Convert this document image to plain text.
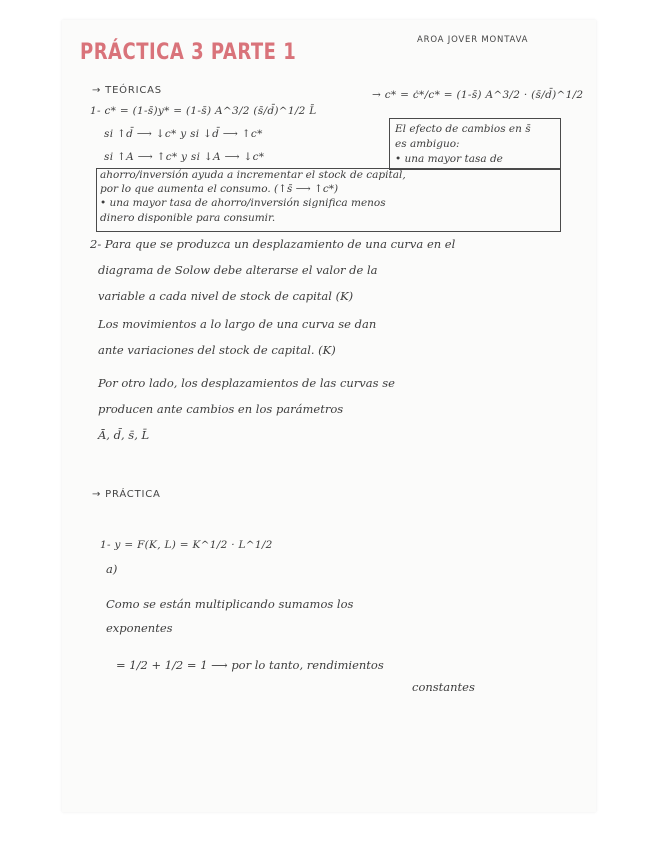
AROA JOVER MONTAVA
PRÁCTICA 3 PARTE 1
→ TEÓRICAS
1- c* = (1-s̄)y* = (1-s̄) A^3/2 (s̄/d̄)^1/2 L̄
→ c* = ċ*/c* = (1-s̄) A^3/2 · (s̄/d̄)^1/2
si ↑d̄ ⟶ ↓c* y si ↓d̄ ⟶ ↑c*
si ↑A ⟶ ↑c* y si ↓A ⟶ ↓c*
El efecto de cambios en s̄
es ambiguo:
• una mayor tasa de
ahorro/inversión ayuda a incrementar el stock de capital,
por lo que aumenta el consumo. (↑s̄ ⟶ ↑c*)
• una mayor tasa de ahorro/inversión significa menos
dinero disponible para consumir.
2- Para que se produzca un desplazamiento de una curva en el
diagrama de Solow debe alterarse el valor de la
variable a cada nivel de stock de capital (K)
Los movimientos a lo largo de una curva se dan
ante variaciones del stock de capital. (K)
Por otro lado, los desplazamientos de las curvas se
producen ante cambios en los parámetros
Ā, d̄, s̄, L̄
→ PRÁCTICA
1- y = F(K, L) = K^1/2 · L^1/2
a)
Como se están multiplicando sumamos los
exponentes
= 1/2 + 1/2 = 1 ⟶ por lo tanto, rendimientos
constantes
